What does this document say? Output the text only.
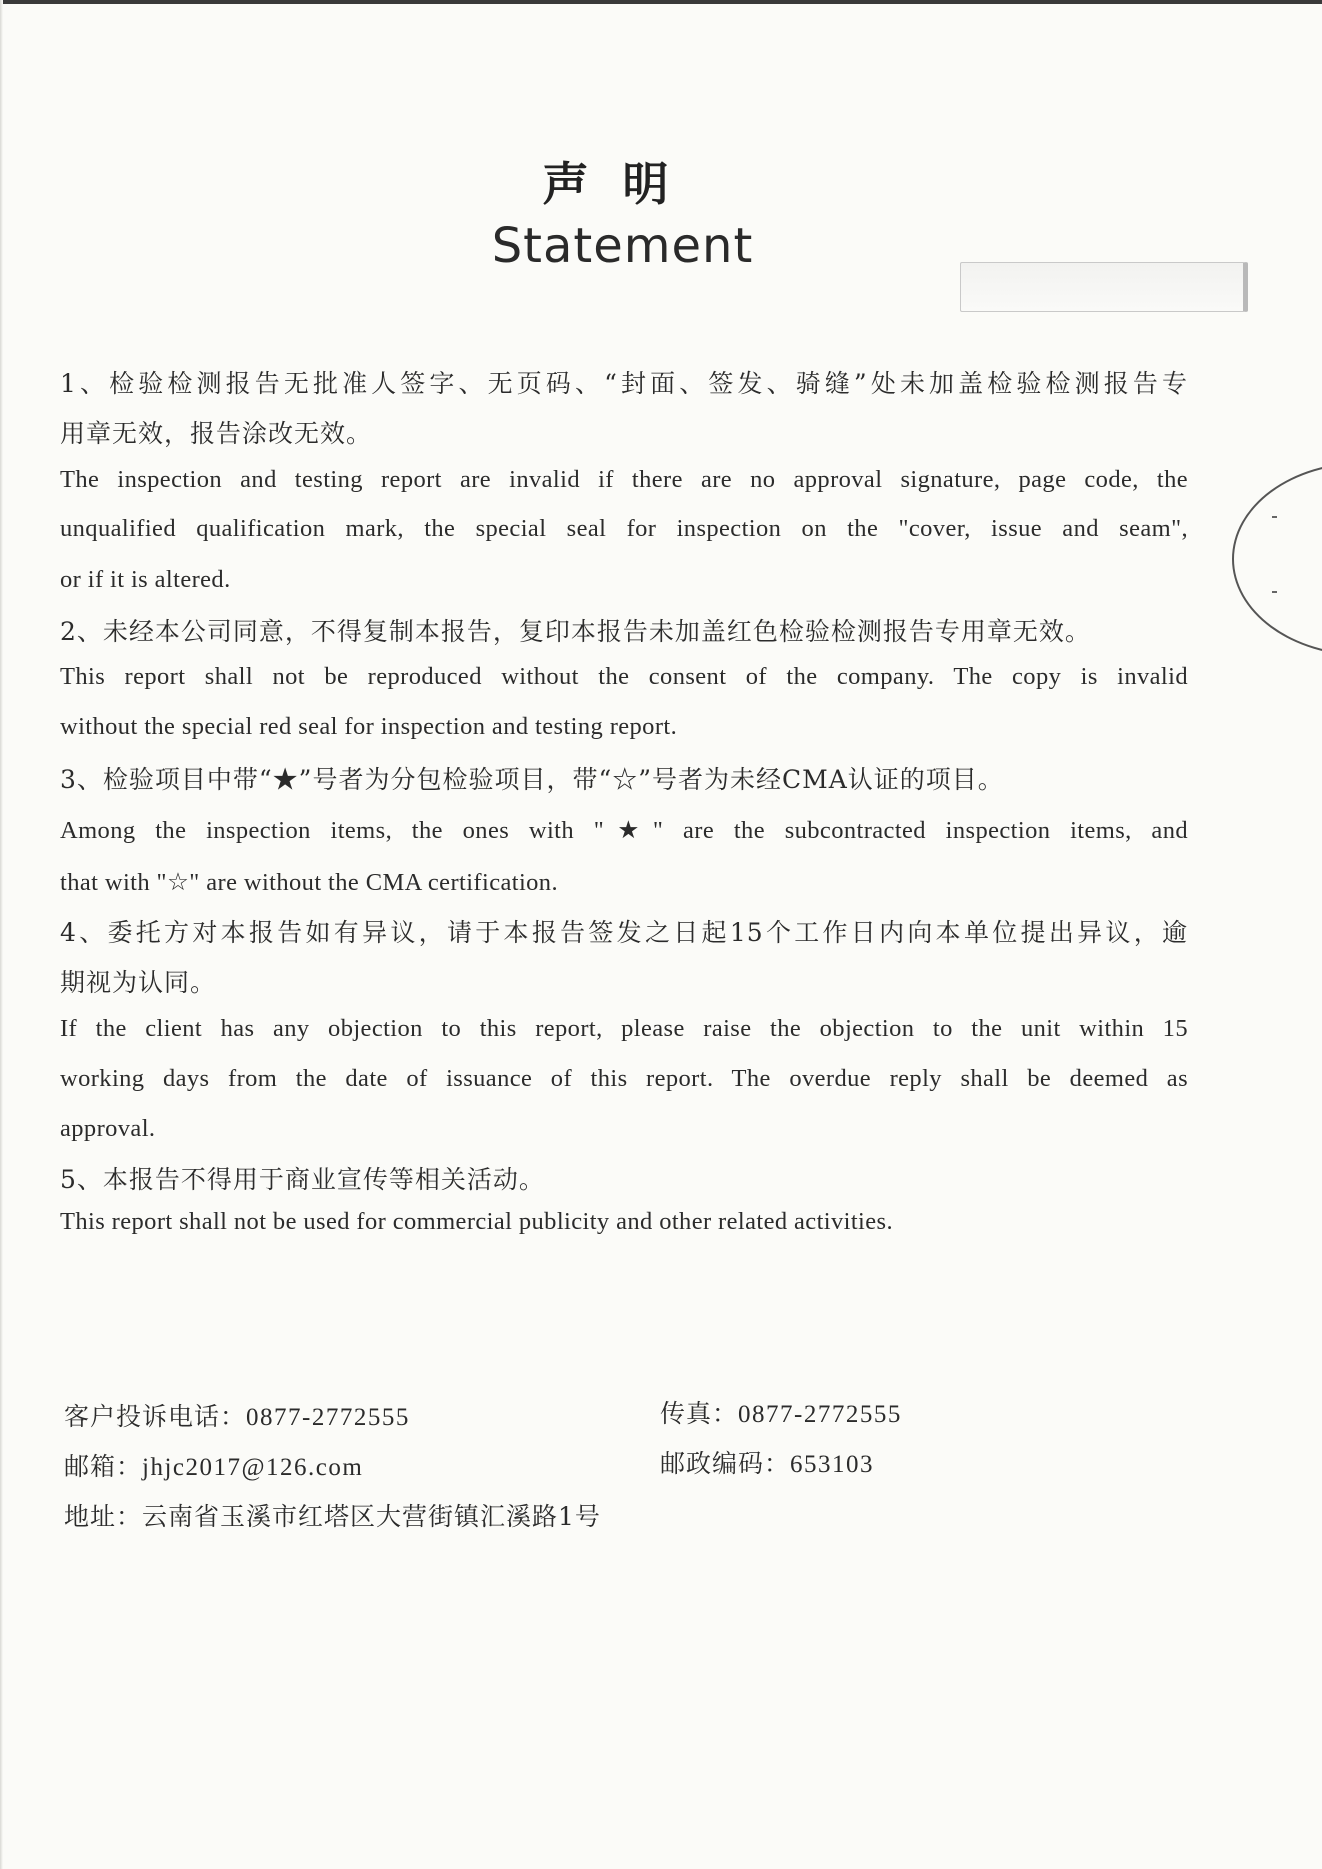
声明
Statement
1、检验检测报告无批准人签字、无页码、“封面、签发、骑缝”处未加盖检验检测报告专
用章无效，报告涂改无效。
The inspection and testing report are invalid if there are no approval signature, page code, the
unqualified qualification mark, the special seal for inspection on the "cover, issue and seam",
or if it is altered.
2、未经本公司同意，不得复制本报告，复印本报告未加盖红色检验检测报告专用章无效。
This report shall not be reproduced without the consent of the company. The copy is invalid
without the special red seal for inspection and testing report.
3、检验项目中带“★”号者为分包检验项目，带“☆”号者为未经CMA认证的项目。
Among the inspection items, the ones with "★" are the subcontracted inspection items, and
that with "☆" are without the CMA certification.
4、委托方对本报告如有异议，请于本报告签发之日起15个工作日内向本单位提出异议，逾
期视为认同。
If the client has any objection to this report, please raise the objection to the unit within 15
working days from the date of issuance of this report. The overdue reply shall be deemed as
approval.
5、本报告不得用于商业宣传等相关活动。
This report shall not be used for commercial publicity and other related activities.
客户投诉电话：0877-2772555	传真：0877-2772555
邮箱：jhjc2017@126.com	邮政编码：653103
地址：云南省玉溪市红塔区大营街镇汇溪路1号
